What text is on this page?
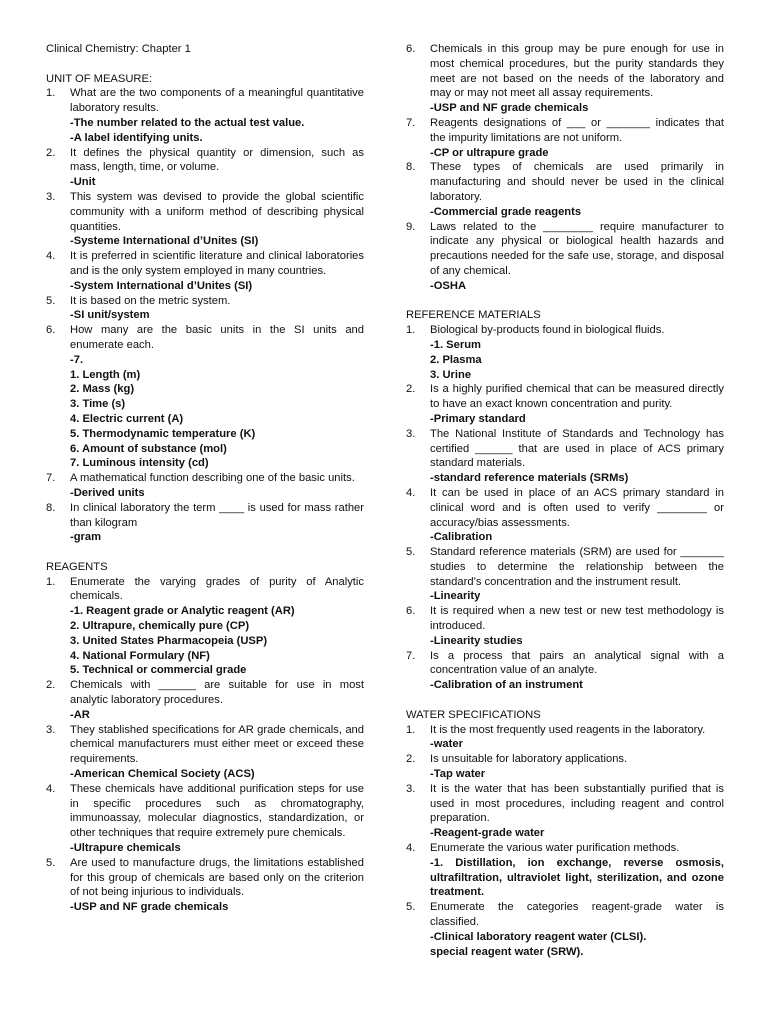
Clinical Chemistry: Chapter 1
UNIT OF MEASURE:
1. What are the two components of a meaningful quantitative laboratory results.
-The number related to the actual test value.
-A label identifying units.
2. It defines the physical quantity or dimension, such as mass, length, time, or volume.
-Unit
3. This system was devised to provide the global scientific community with a uniform method of describing physical quantities.
-Systeme International d’Unites (SI)
4. It is preferred in scientific literature and clinical laboratories and is the only system employed in many countries.
-System International d’Unites (SI)
5. It is based on the metric system.
-SI unit/system
6. How many are the basic units in the SI units and enumerate each.
-7.
1. Length (m)
2. Mass (kg)
3. Time (s)
4. Electric current (A)
5. Thermodynamic temperature (K)
6. Amount of substance (mol)
7. Luminous intensity (cd)
7. A mathematical function describing one of the basic units.
-Derived units
8. In clinical laboratory the term ____ is used for mass rather than kilogram
-gram
REAGENTS
1. Enumerate the varying grades of purity of Analytic chemicals.
-1. Reagent grade or Analytic reagent (AR)
2. Ultrapure, chemically pure (CP)
3. United States Pharmacopeia (USP)
4. National Formulary (NF)
5. Technical or commercial grade
2. Chemicals with ______ are suitable for use in most analytic laboratory procedures.
-AR
3. They stablished specifications for AR grade chemicals, and chemical manufacturers must either meet or exceed these requirements.
-American Chemical Society (ACS)
4. These chemicals have additional purification steps for use in specific procedures such as chromatography, immunoassay, molecular diagnostics, standardization, or other techniques that require extremely pure chemicals.
-Ultrapure chemicals
5. Are used to manufacture drugs, the limitations established for this group of chemicals are based only on the criterion of not being injurious to individuals.
-USP and NF grade chemicals
6. Chemicals in this group may be pure enough for use in most chemical procedures, but the purity standards they meet are not based on the needs of the laboratory and may or may not meet all assay requirements.
-USP and NF grade chemicals
7. Reagents designations of ___ or _______ indicates that the impurity limitations are not uniform.
-CP or ultrapure grade
8. These types of chemicals are used primarily in manufacturing and should never be used in the clinical laboratory.
-Commercial grade reagents
9. Laws related to the ________ require manufacturer to indicate any physical or biological health hazards and precautions needed for the safe use, storage, and disposal of any chemical.
-OSHA
REFERENCE MATERIALS
1. Biological by-products found in biological fluids.
-1. Serum
2. Plasma
3. Urine
2. Is a highly purified chemical that can be measured directly to have an exact known concentration and purity.
-Primary standard
3. The National Institute of Standards and Technology has certified ______ that are used in place of ACS primary standard materials.
-standard reference materials (SRMs)
4. It can be used in place of an ACS primary standard in clinical word and is often used to verify ________ or accuracy/bias assessments.
-Calibration
5. Standard reference materials (SRM) are used for _______ studies to determine the relationship between the standard’s concentration and the instrument result.
-Linearity
6. It is required when a new test or new test methodology is introduced.
-Linearity studies
7. Is a process that pairs an analytical signal with a concentration value of an analyte.
-Calibration of an instrument
WATER SPECIFICATIONS
1. It is the most frequently used reagents in the laboratory.
-water
2. Is unsuitable for laboratory applications.
-Tap water
3. It is the water that has been substantially purified that is used in most procedures, including reagent and control preparation.
-Reagent-grade water
4. Enumerate the various water purification methods.
-1. Distillation, ion exchange, reverse osmosis, ultrafiltration, ultraviolet light, sterilization, and ozone treatment.
5. Enumerate the categories reagent-grade water is classified.
-Clinical laboratory reagent water (CLSI).
special reagent water (SRW).
